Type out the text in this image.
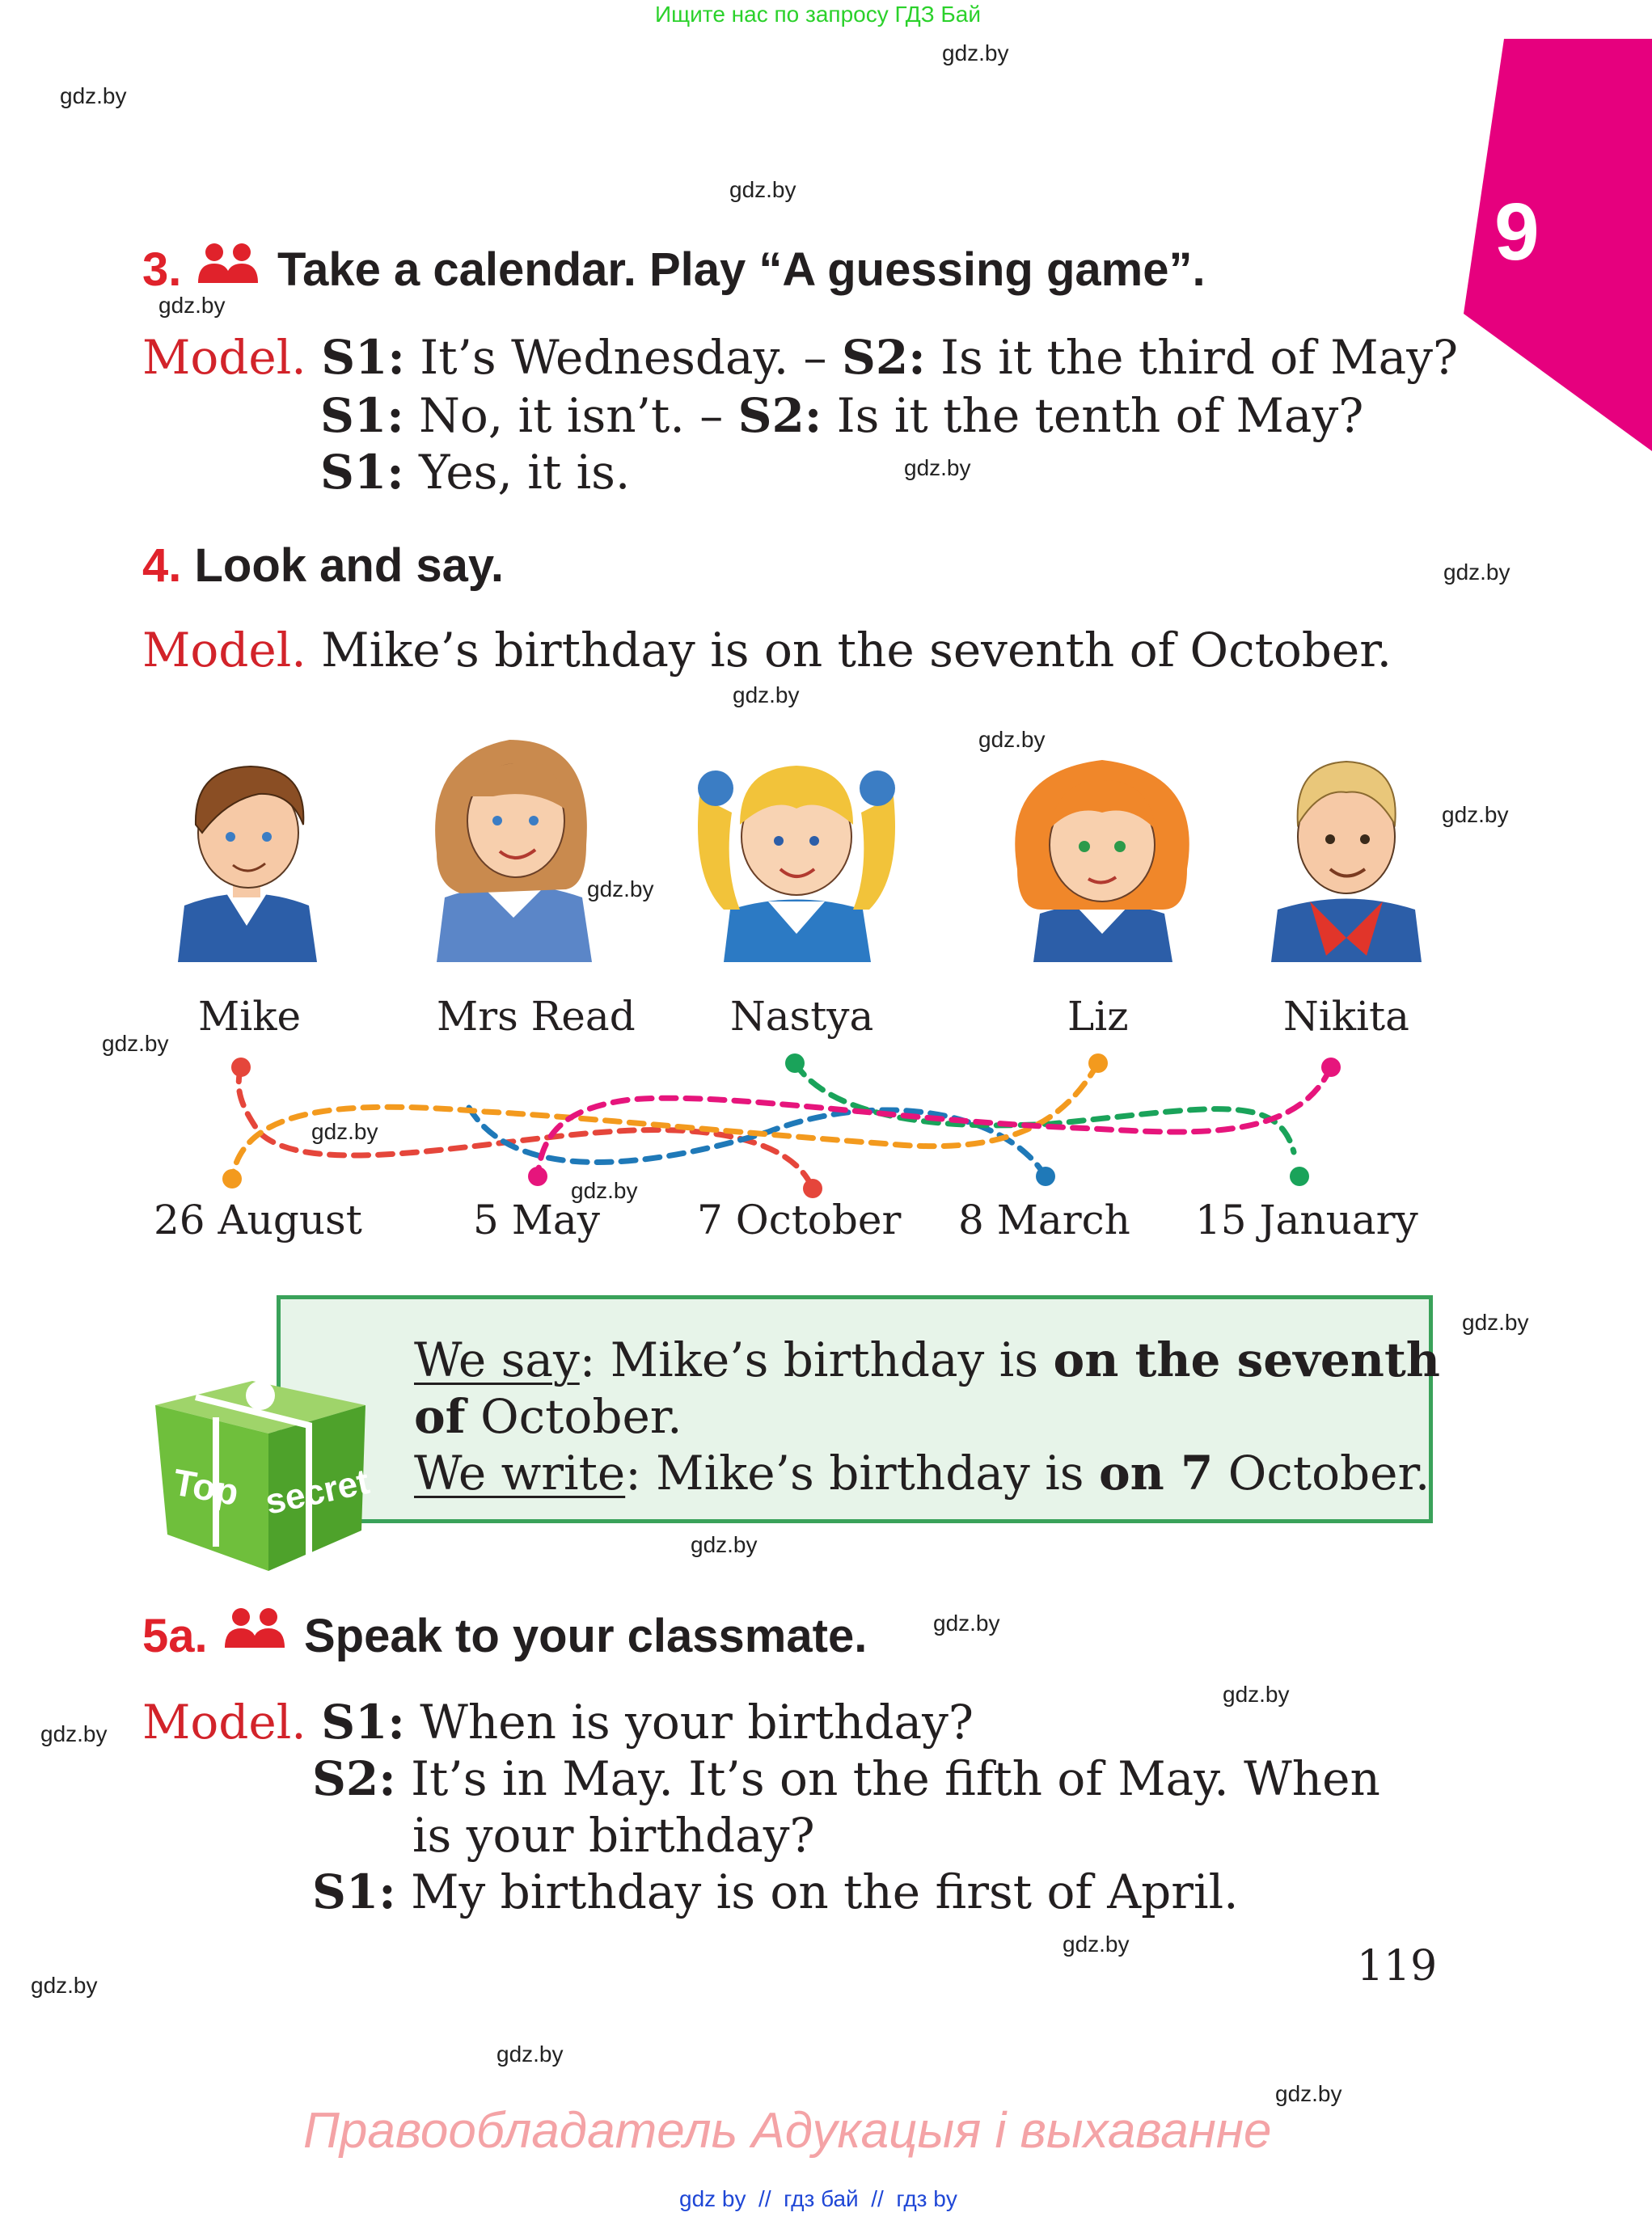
Ищите нас по запросу ГДЗ Бай
gdz.by
gdz.by
gdz.by
gdz.by
gdz.by
gdz.by
gdz.by
gdz.by
gdz.by
gdz.by
gdz.by
gdz.by
gdz.by
gdz.by
gdz.by
gdz.by
gdz.by
gdz.by
gdz.by
gdz.by
gdz.by
gdz.by
9
3. Take a calendar. Play “A guessing game”.
Model. S1: It’s Wednesday. – S2: Is it the third of May?
S1: No, it isn’t. – S2: Is it the tenth of May?
S1: Yes, it is.
4. Look and say.
Model. Mike’s birthday is on the seventh of October.
Mike	Mrs Read Nastya	Liz	Nikita
26 August	5 May 7 October 8 March 15 January
Top secret
We say: Mike’s birthday is on the seventh
of October.
We write: Mike’s birthday is on 7 October.
5a. Speak to your classmate.
Model. S1: When is your birthday?
S2: It’s in May. It’s on the fifth of May. When
is your birthday?
S1: My birthday is on the first of April.
119
Правообладатель Адукацыя і выхаванне
gdz by  //  гдз бай  //  гдз by
